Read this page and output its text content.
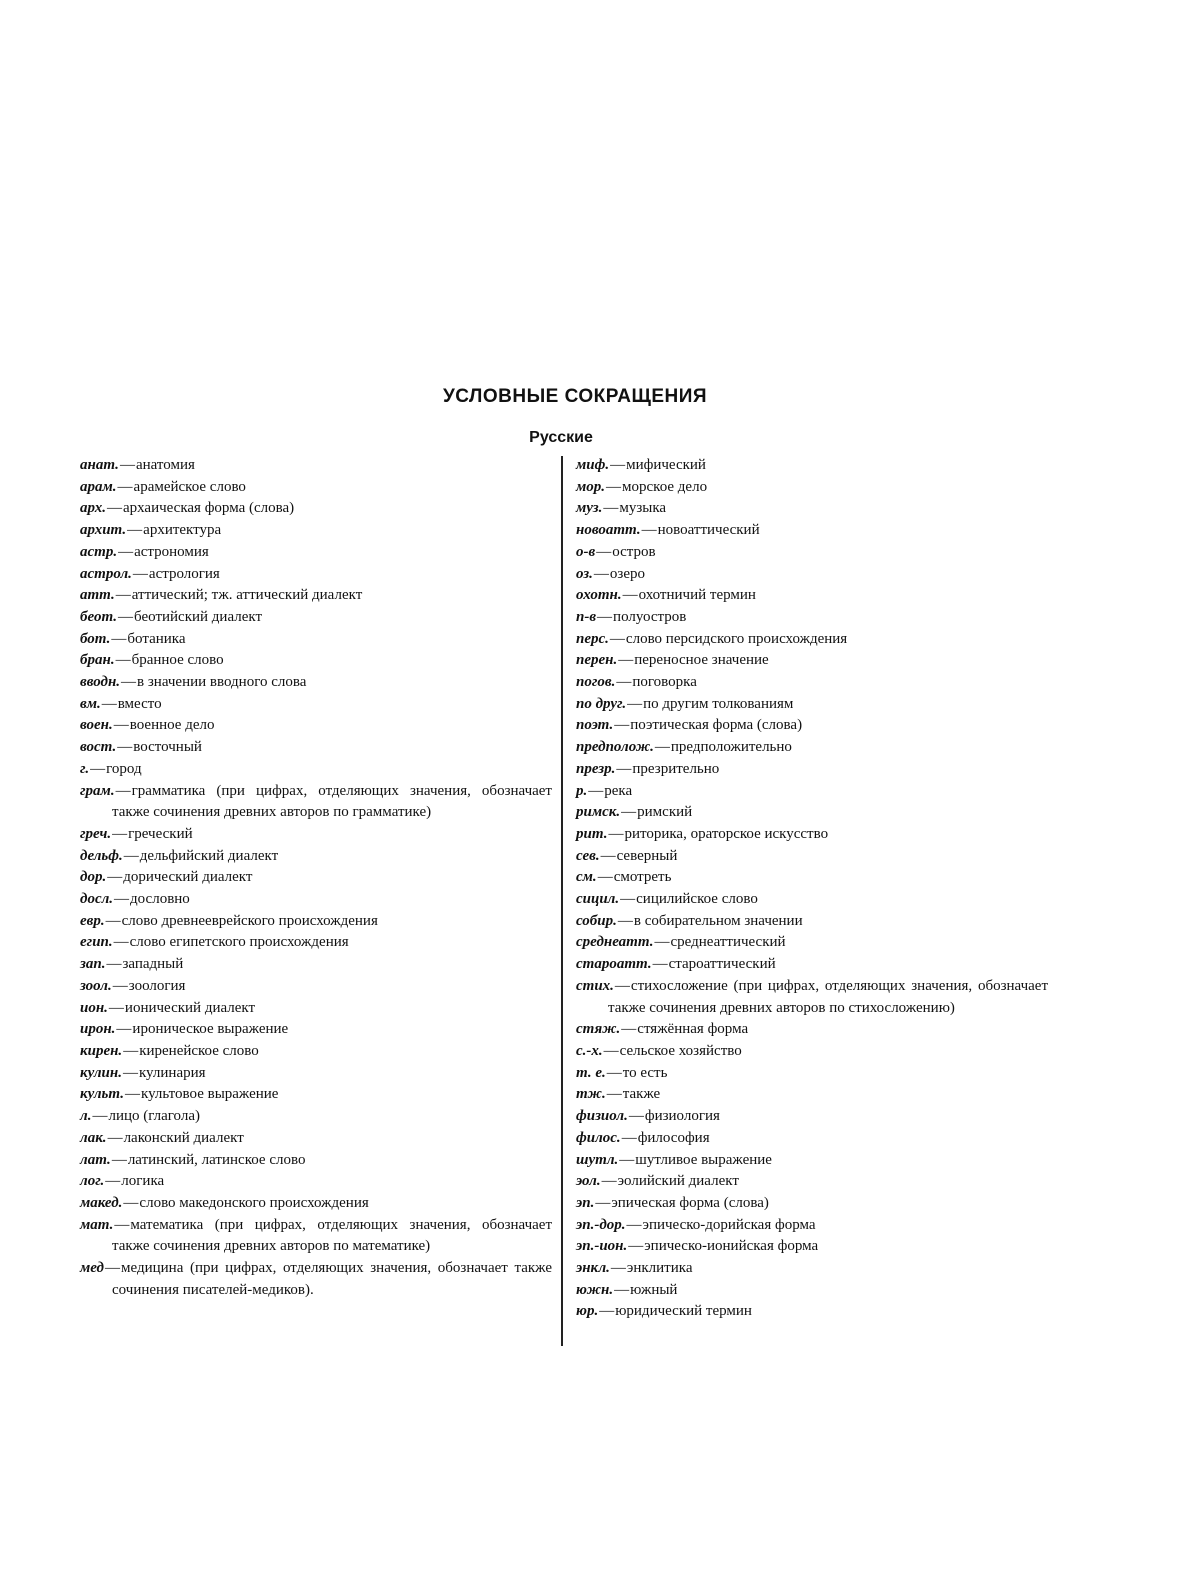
УСЛОВНЫЕ СОКРАЩЕНИЯ
Русские
анат.—анатомия
арам.—арамейское слово
арх.—архаическая форма (слова)
архит.—архитектура
астр.—астрономия
астрол.—астрология
атт.—аттический; тж. аттический диалект
беот.—беотийский диалект
бот.—ботаника
бран.—бранное слово
вводн.—в значении вводного слова
вм.—вместо
воен.—военное дело
вост.—восточный
г.—город
грам.—грамматика (при цифрах, отделяющих значения, обозначает также сочинения древних авторов по грамматике)
греч.—греческий
дельф.—дельфийский диалект
дор.—дорический диалект
досл.—дословно
евр.—слово древнееврейского происхождения
егип.—слово египетского происхождения
зап.—западный
зоол.—зоология
ион.—ионический диалект
ирон.—ироническое выражение
кирен.—киренейское слово
кулин.—кулинария
культ.—культовое выражение
л.—лицо (глагола)
лак.—лаконский диалект
лат.—латинский, латинское слово
лог.—логика
макед.—слово македонского происхождения
мат.—математика (при цифрах, отделяющих значения, обозначает также сочинения древних авторов по математике)
мед—медицина (при цифрах, отделяющих значения, обозначает также сочинения писателей-медиков).
миф.—мифический
мор.—морское дело
муз.—музыка
новоатт.—новоаттический
о-в—остров
оз.—озеро
охотн.—охотничий термин
п-в—полуостров
перс.—слово персидского происхождения
перен.—переносное значение
погов.—поговорка
по друг.—по другим толкованиям
поэт.—поэтическая форма (слова)
предполож.—предположительно
презр.—презрительно
р.—река
римск.—римский
рит.—риторика, ораторское искусство
сев.—северный
см.—смотреть
сицил.—сицилийское слово
собир.—в собирательном значении
среднеатт.—среднеаттический
староатт.—староаттический
стих.—стихосложение (при цифрах, отделяющих значения, обозначает также сочинения древних авторов по стихосложению)
стяж.—стяжённая форма
с.-х.—сельское хозяйство
т. е.—то есть
тж.—также
физиол.—физиология
филос.—философия
шутл.—шутливое выражение
эол.—эолийский диалект
эп.—эпическая форма (слова)
эп.-дор.—эпическо-дорийская форма
эп.-ион.—эпическо-ионийская форма
энкл.—энклитика
южн.—южный
юр.—юридический термин
